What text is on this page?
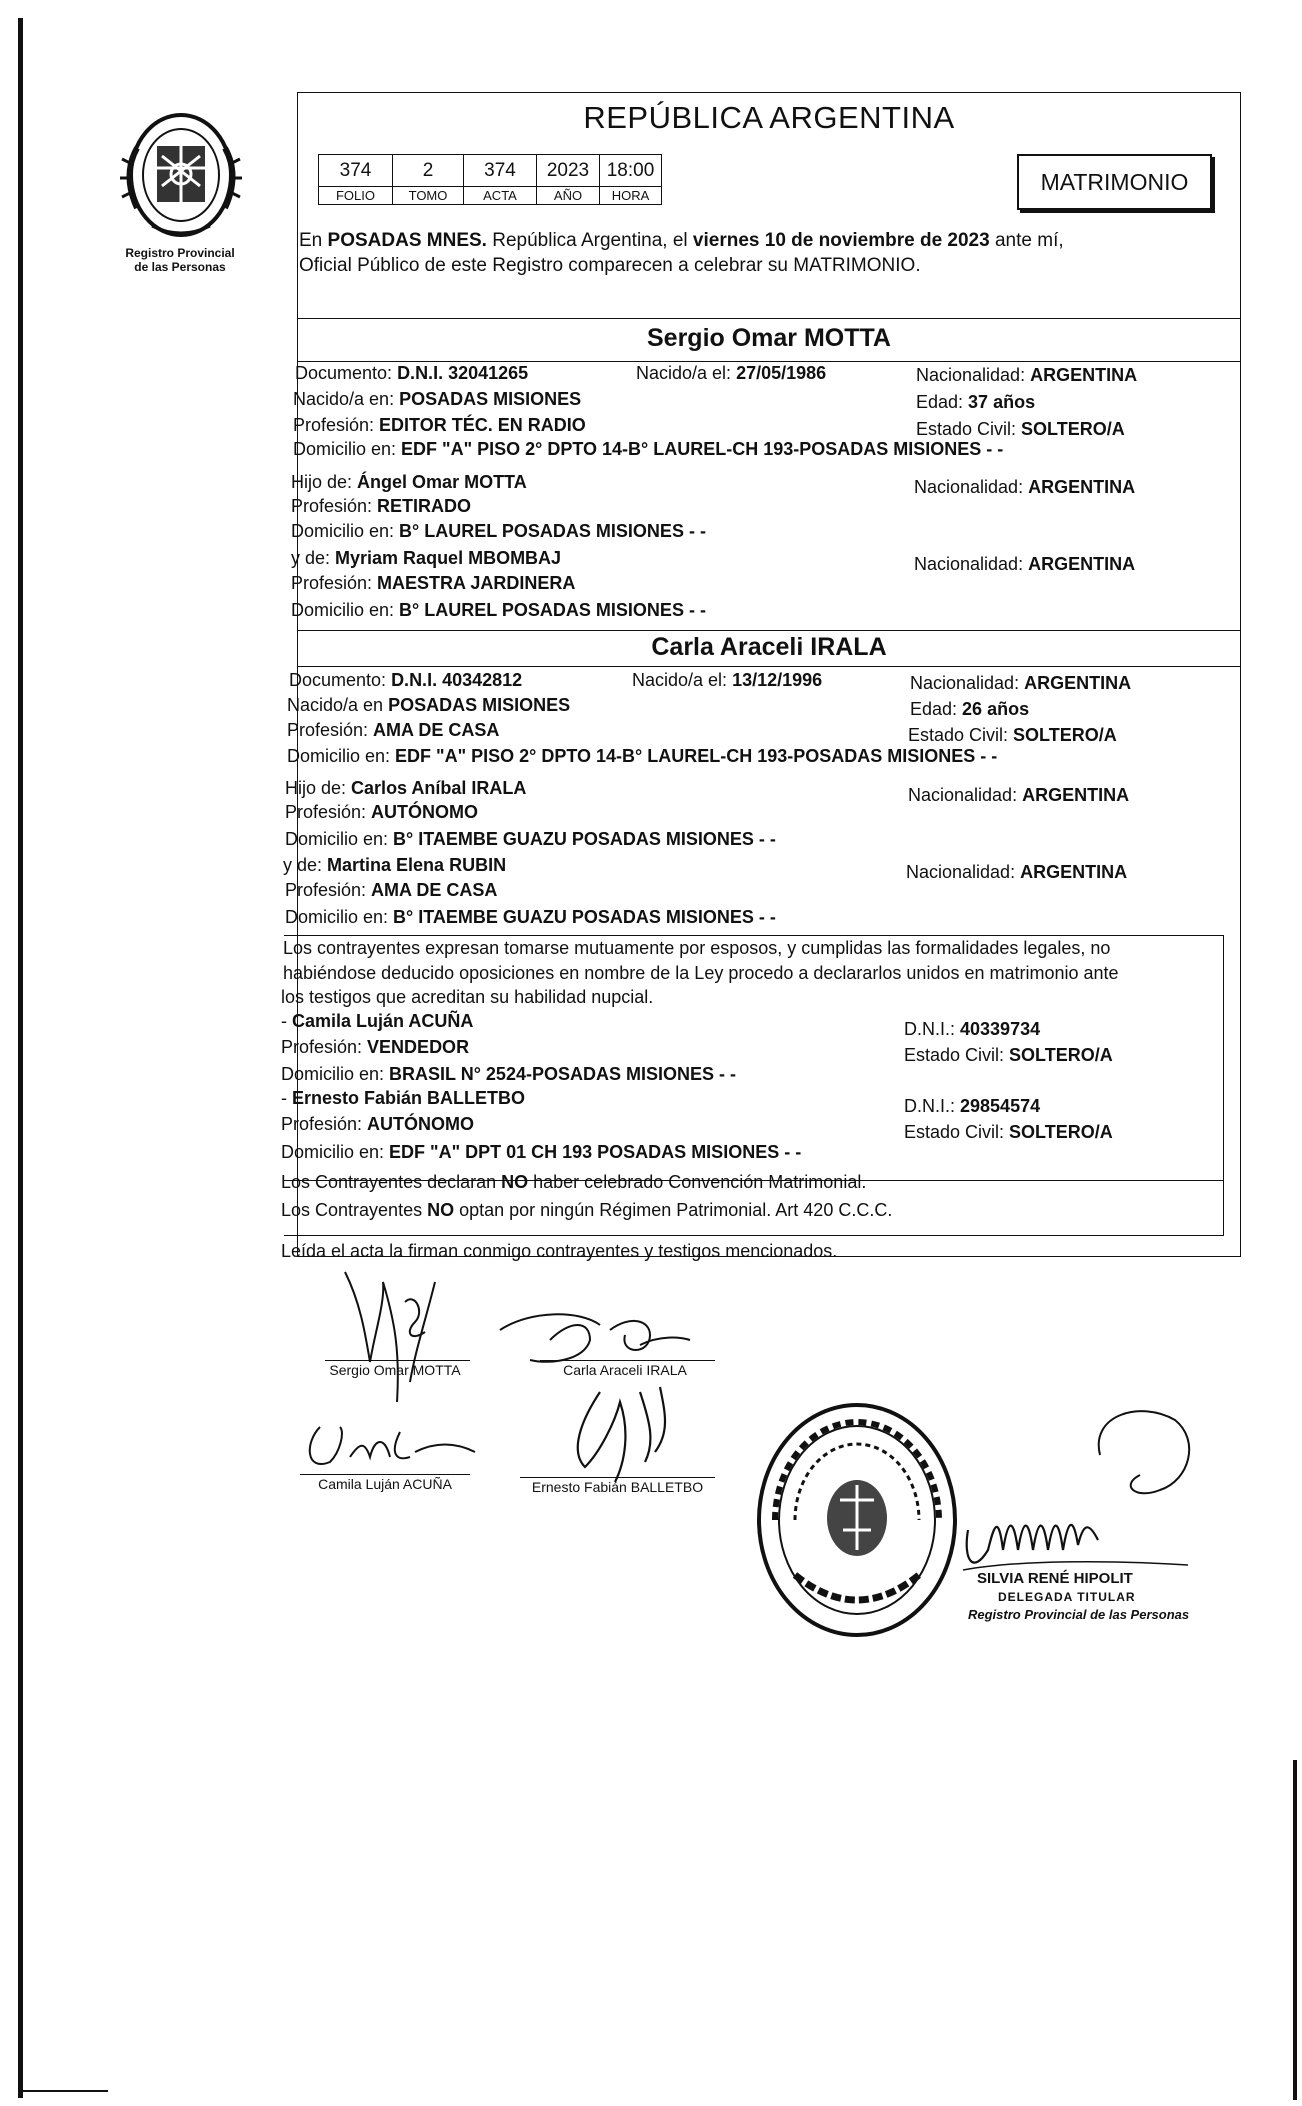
Registro Provincial
de las Personas
REPÚBLICA ARGENTINA
374	2	374	2023	18:00
FOLIO	TOMO	ACTA	AÑO	HORA
MATRIMONIO
En POSADAS MNES. República Argentina, el viernes 10 de noviembre de 2023 ante mí,
Oficial Público de este Registro comparecen a celebrar su MATRIMONIO.
Sergio Omar MOTTA
Documento: D.N.I. 32041265	Nacido/a el: 27/05/1986	Nacionalidad: ARGENTINA
Nacido/a en: POSADAS MISIONES	Edad: 37 años
Profesión: EDITOR TÉC. EN RADIO	Estado Civil: SOLTERO/A
Domicilio en: EDF "A" PISO 2° DPTO 14-B° LAUREL-CH 193-POSADAS MISIONES - -
Hijo de: Ángel Omar MOTTA	Nacionalidad: ARGENTINA
Profesión: RETIRADO
Domicilio en: B° LAUREL POSADAS MISIONES - -
y de: Myriam Raquel MBOMBAJ	Nacionalidad: ARGENTINA
Profesión: MAESTRA JARDINERA
Domicilio en: B° LAUREL POSADAS MISIONES - -
Carla Araceli IRALA
Documento: D.N.I. 40342812	Nacido/a el: 13/12/1996	Nacionalidad: ARGENTINA
Nacido/a en POSADAS MISIONES	Edad: 26 años
Profesión: AMA DE CASA	Estado Civil: SOLTERO/A
Domicilio en: EDF "A" PISO 2° DPTO 14-B° LAUREL-CH 193-POSADAS MISIONES - -
Hijo de: Carlos Aníbal IRALA	Nacionalidad: ARGENTINA
Profesión: AUTÓNOMO
Domicilio en: B° ITAEMBE GUAZU POSADAS MISIONES - -
y de: Martina Elena RUBIN	Nacionalidad: ARGENTINA
Profesión: AMA DE CASA
Domicilio en: B° ITAEMBE GUAZU POSADAS MISIONES - -
Los contrayentes expresan tomarse mutuamente por esposos, y cumplidas las formalidades legales, no
habiéndose deducido oposiciones en nombre de la Ley procedo a declararlos unidos en matrimonio ante
los testigos que acreditan su habilidad nupcial.
- Camila Luján ACUÑA	D.N.I.: 40339734
Profesión: VENDEDOR	Estado Civil: SOLTERO/A
Domicilio en: BRASIL N° 2524-POSADAS MISIONES - -
- Ernesto Fabián BALLETBO	D.N.I.: 29854574
Profesión: AUTÓNOMO	Estado Civil: SOLTERO/A
Domicilio en: EDF "A" DPT 01 CH 193 POSADAS MISIONES - -
Los Contrayentes declaran NO haber celebrado Convención Matrimonial.
Los Contrayentes NO optan por ningún Régimen Patrimonial. Art 420 C.C.C.
Leída el acta la firman conmigo contrayentes y testigos mencionados.
Sergio Omar MOTTA	Carla Araceli IRALA
Camila Luján ACUÑA	Ernesto Fabián BALLETBO
SILVIA RENÉ HIPOLIT
DELEGADA TITULAR
Registro Provincial de las Personas
